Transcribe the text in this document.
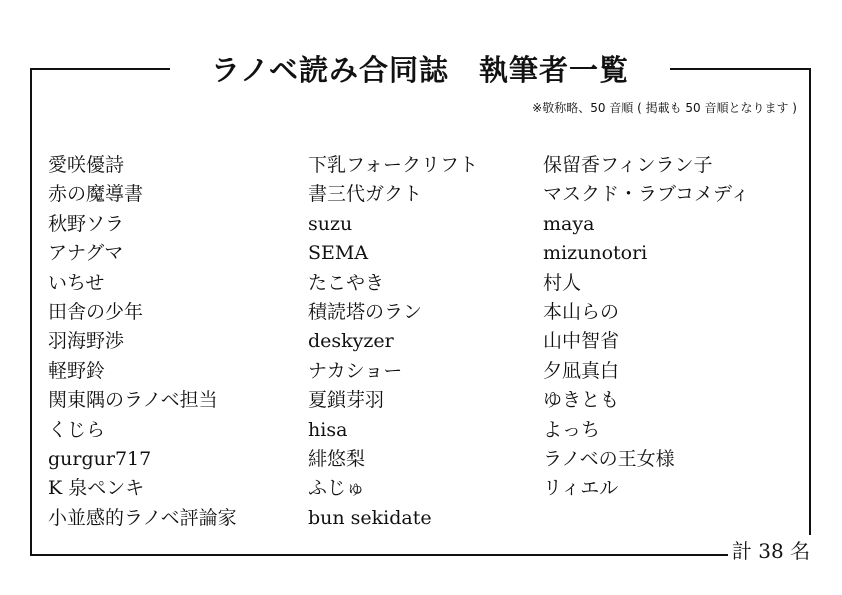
ラノベ読み合同誌　執筆者一覧
※敬称略、50 音順 ( 掲載も 50 音順となります )
愛咲優詩
赤の魔導書
秋野ソラ
アナグマ
いちせ
田舎の少年
羽海野渉
軽野鈴
関東隅のラノベ担当
くじら
gurgur717
K 泉ペンキ
小並感的ラノベ評論家
下乳フォークリフト
書三代ガクト
suzu
SEMA
たこやき
積読塔のラン
deskyzer
ナカショー
夏鎖芽羽
hisa
緋悠梨
ふじゅ
bun sekidate
保留香フィンラン子
マスクド・ラブコメディ
maya
mizunotori
村人
本山らの
山中智省
夕凪真白
ゆきとも
よっち
ラノベの王女様
リィエル
計 38 名
